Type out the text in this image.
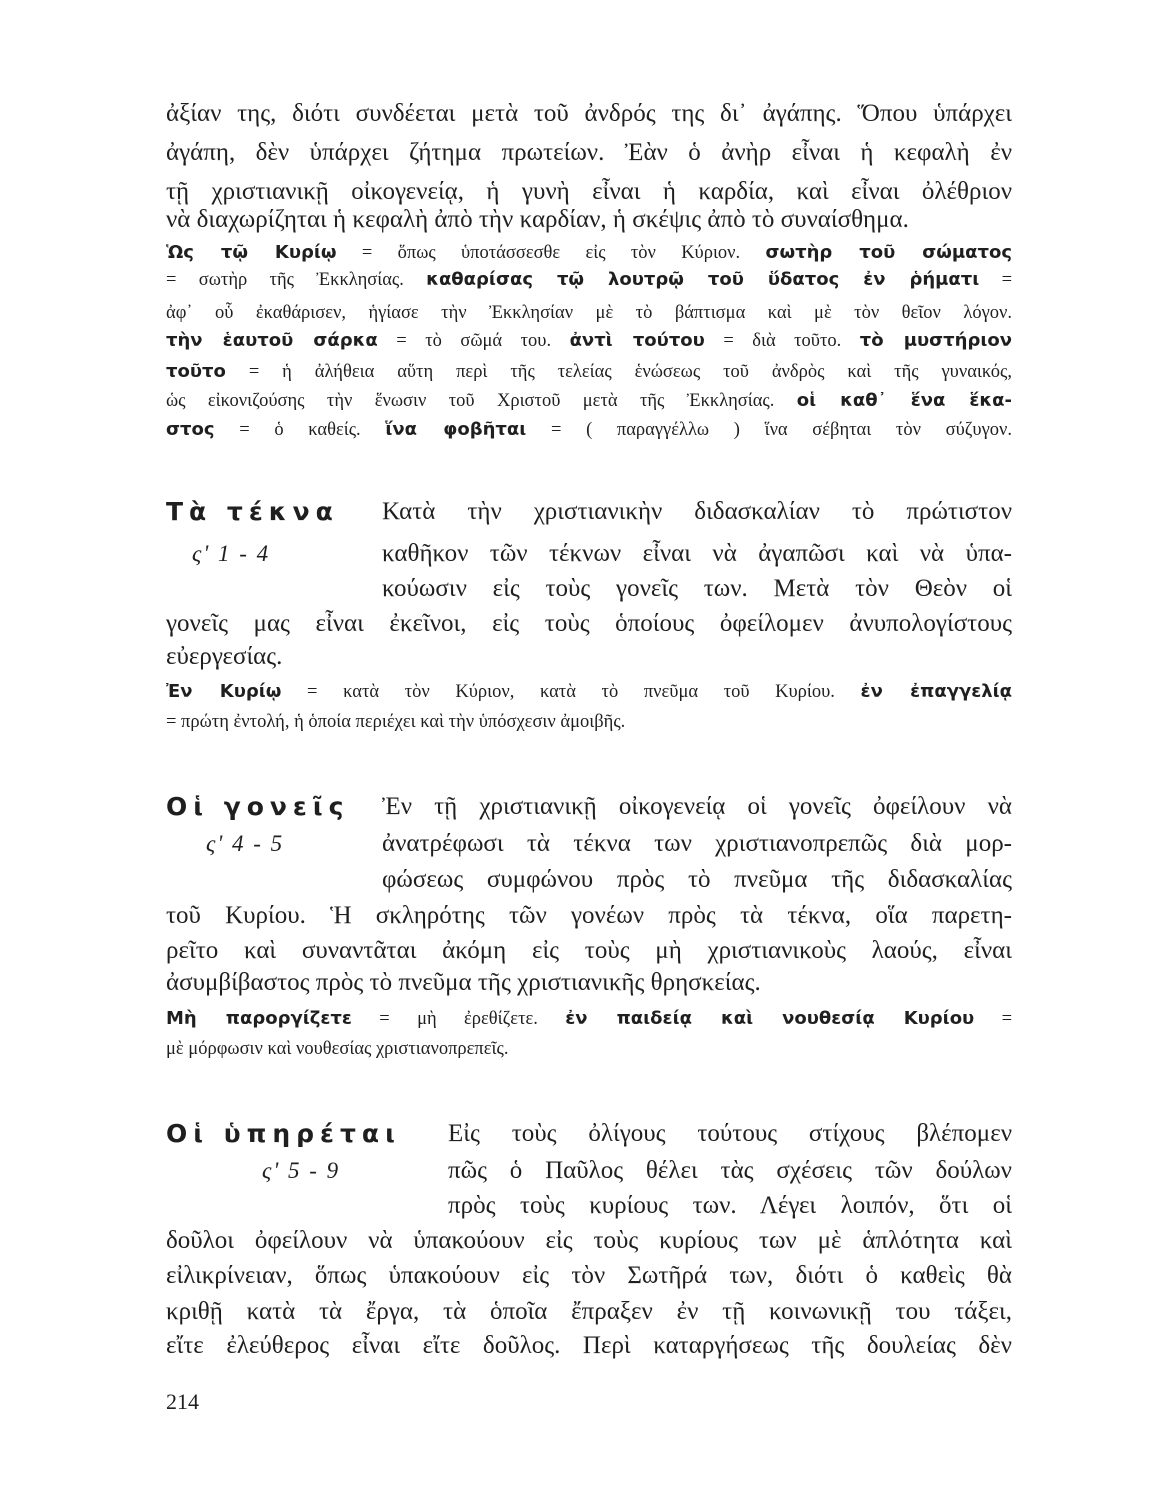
ἀξίαν της, διότι συνδέεται μετὰ τοῦ ἀνδρός της δι᾽ ἀγάπης. Ὅπου ὑπάρχει
ἀγάπη, δὲν ὑπάρχει ζήτημα πρωτείων. Ἐὰν ὁ ἀνὴρ εἶναι ἡ κεφαλὴ ἐν
τῇ χριστιανικῇ οἰκογενείᾳ, ἡ γυνὴ εἶναι ἡ καρδία, καὶ εἶναι ὀλέθριον
νὰ διαχωρίζηται ἡ κεφαλὴ ἀπὸ τὴν καρδίαν, ἡ σκέψις ἀπὸ τὸ συναίσθημα.
Ὡς τῷ Κυρίῳ = ὅπως ὑποτάσσεσθε εἰς τὸν Κύριον. σωτὴρ τοῦ σώματος
= σωτὴρ τῆς Ἐκκλησίας. καθαρίσας τῷ λουτρῷ τοῦ ὕδατος ἐν ῥήματι =
ἀφ᾽ οὗ ἐκαθάρισεν, ἡγίασε τὴν Ἐκκλησίαν μὲ τὸ βάπτισμα καὶ μὲ τὸν θεῖον λόγον.
τὴν ἑαυτοῦ σάρκα = τὸ σῶμά του. ἀντὶ τούτου = διὰ τοῦτο. τὸ μυστήριον
τοῦτο = ἡ ἀλήθεια αὕτη περὶ τῆς τελείας ἑνώσεως τοῦ ἀνδρὸς καὶ τῆς γυναικός,
ὡς εἰκονιζούσης τὴν ἕνωσιν τοῦ Χριστοῦ μετὰ τῆς Ἐκκλησίας. οἱ καθ᾽ ἕνα ἕκα-
στος = ὁ καθείς. ἵνα φοβῆται = ( παραγγέλλω ) ἵνα σέβηται τὸν σύζυγον.
Τὰ τέκνα
ς' 1 - 4
Κατὰ τὴν χριστιανικὴν διδασκαλίαν τὸ πρώτιστον
καθῆκον τῶν τέκνων εἶναι νὰ ἀγαπῶσι καὶ νὰ ὑπα-
κούωσιν εἰς τοὺς γονεῖς των. Μετὰ τὸν Θεὸν οἱ
γονεῖς μας εἶναι ἐκεῖνοι, εἰς τοὺς ὁποίους ὀφείλομεν ἀνυπολογίστους
εὐεργεσίας.
Ἐν Κυρίῳ = κατὰ τὸν Κύριον, κατὰ τὸ πνεῦμα τοῦ Κυρίου. ἐν ἐπαγγελίᾳ
= πρώτη ἐντολή, ἡ ὁποία περιέχει καὶ τὴν ὑπόσχεσιν ἀμοιβῆς.
Οἱ γονεῖς
ς' 4 - 5
Ἐν τῇ χριστιανικῇ οἰκογενείᾳ οἱ γονεῖς ὀφείλουν νὰ
ἀνατρέφωσι τὰ τέκνα των χριστιανοπρεπῶς διὰ μορ-
φώσεως συμφώνου πρὸς τὸ πνεῦμα τῆς διδασκαλίας
τοῦ Κυρίου. Ἡ σκληρότης τῶν γονέων πρὸς τὰ τέκνα, οἵα παρετη-
ρεῖτο καὶ συναντᾶται ἀκόμη εἰς τοὺς μὴ χριστιανικοὺς λαούς, εἶναι
ἀσυμβίβαστος πρὸς τὸ πνεῦμα τῆς χριστιανικῆς θρησκείας.
Μὴ παροργίζετε = μὴ ἐρεθίζετε. ἐν παιδείᾳ καὶ νουθεσίᾳ Κυρίου =
μὲ μόρφωσιν καὶ νουθεσίας χριστιανοπρεπεῖς.
Οἱ ὑπηρέται
ς' 5 - 9
Εἰς τοὺς ὀλίγους τούτους στίχους βλέπομεν
πῶς ὁ Παῦλος θέλει τὰς σχέσεις τῶν δούλων
πρὸς τοὺς κυρίους των. Λέγει λοιπόν, ὅτι οἱ
δοῦλοι ὀφείλουν νὰ ὑπακούουν εἰς τοὺς κυρίους των μὲ ἁπλότητα καὶ
εἰλικρίνειαν, ὅπως ὑπακούουν εἰς τὸν Σωτῆρά των, διότι ὁ καθεὶς θὰ
κριθῇ κατὰ τὰ ἔργα, τὰ ὁποῖα ἔπραξεν ἐν τῇ κοινωνικῇ του τάξει,
εἴτε ἐλεύθερος εἶναι εἴτε δοῦλος. Περὶ καταργήσεως τῆς δουλείας δὲν
214
